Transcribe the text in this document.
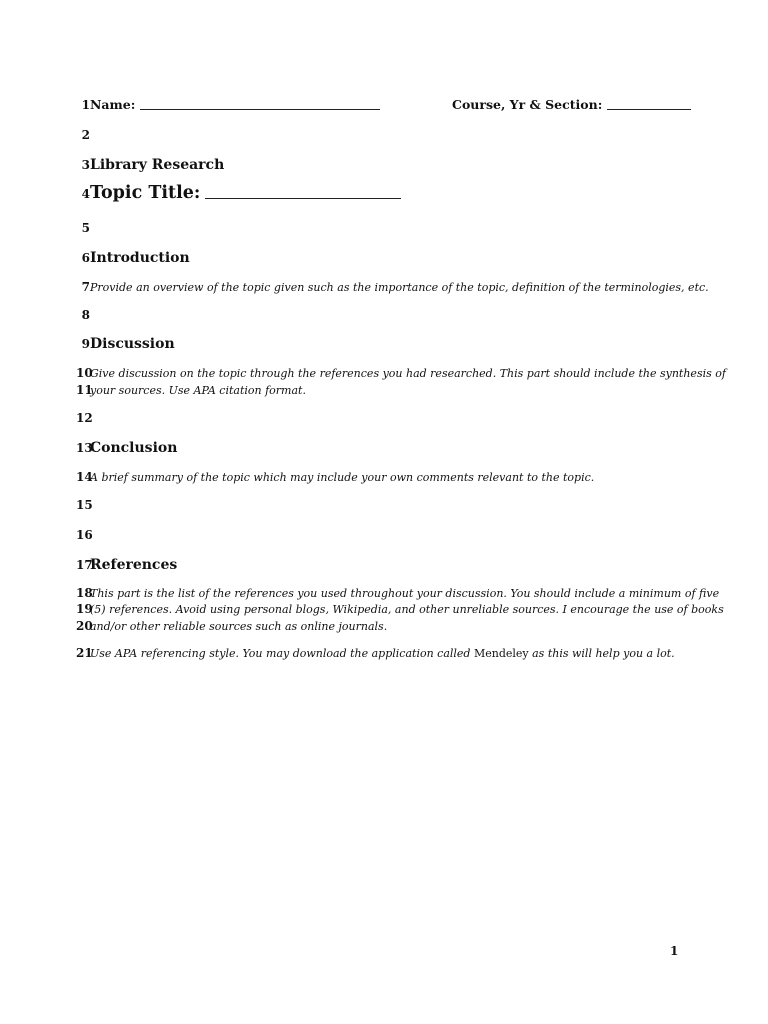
1Name:	Course, Yr & Section:
2
3Library Research
4Topic Title:
5
6Introduction
7Provide an overview of the topic given such as the importance of the topic, definition of the terminologies, etc.
8
9Discussion
10Give discussion on the topic through the references you had researched. This part should include the synthesis of
11your sources. Use APA citation format.
12
13Conclusion
14A brief summary of the topic which may include your own comments relevant to the topic.
15
16
17References
18This part is the list of the references you used throughout your discussion. You should include a minimum of five
19(5) references. Avoid using personal blogs, Wikipedia, and other unreliable sources. I encourage the use of books
20and/or other reliable sources such as online journals.
21Use APA referencing style. You may download the application called Mendeley as this will help you a lot.
1
